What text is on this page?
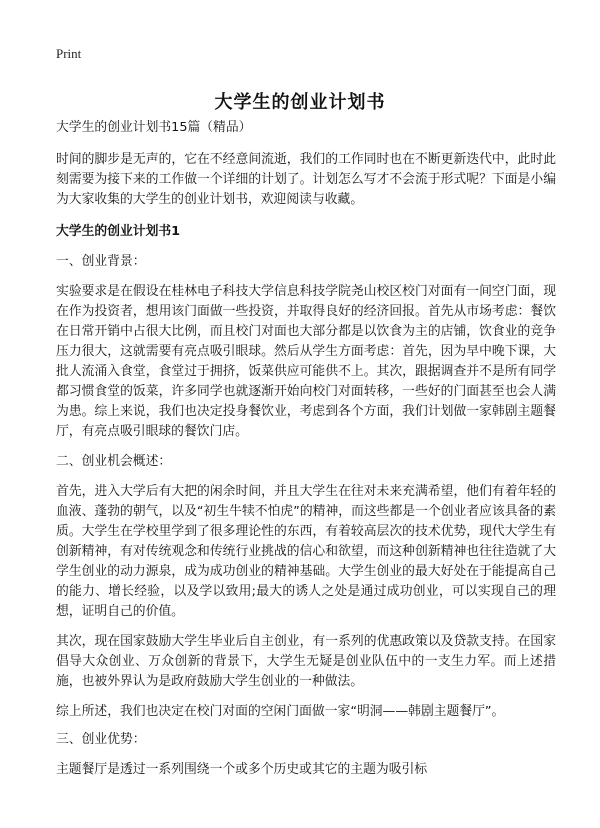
Print
大学生的创业计划书

大学生的创业计划书15篇（精品）

时间的脚步是无声的，它在不经意间流逝，我们的工作同时也在不断更新迭代中，此时此刻需要为接下来的工作做一个详细的计划了。计划怎么写才不会流于形式呢？下面是小编为大家收集的大学生的创业计划书，欢迎阅读与收藏。

大学生的创业计划书1

一、创业背景：

实验要求是在假设在桂林电子科技大学信息科技学院尧山校区校门对面有一间空门面，现在作为投资者，想用该门面做一些投资，并取得良好的经济回报。首先从市场考虑：餐饮在日常开销中占很大比例，而且校门对面也大部分都是以饮食为主的店铺，饮食业的竞争压力很大，这就需要有亮点吸引眼球。然后从学生方面考虑：首先，因为早中晚下课，大批人流涌入食堂，食堂过于拥挤，饭菜供应可能供不上。其次，跟据调查并不是所有同学都习惯食堂的饭菜，许多同学也就逐渐开始向校门对面转移，一些好的门面甚至也会人满为患。综上来说，我们也决定投身餐饮业，考虑到各个方面，我们计划做一家韩剧主题餐厅，有亮点吸引眼球的餐饮门店。

二、创业机会概述：

首先，进入大学后有大把的闲余时间，并且大学生在往对未来充满希望，他们有着年轻的血液、蓬勃的朝气，以及“初生牛犊不怕虎”的精神，而这些都是一个创业者应该具备的素质。大学生在学校里学到了很多理论性的东西，有着较高层次的技术优势，现代大学生有创新精神，有对传统观念和传统行业挑战的信心和欲望，而这种创新精神也往往造就了大学生创业的动力源泉，成为成功创业的精神基础。大学生创业的最大好处在于能提高自己的能力、增长经验，以及学以致用;最大的诱人之处是通过成功创业，可以实现自己的理想，证明自己的价值。

其次，现在国家鼓励大学生毕业后自主创业，有一系列的优惠政策以及贷款支持。在国家倡导大众创业、万众创新的背景下，大学生无疑是创业队伍中的一支生力军。而上述措施，也被外界认为是政府鼓励大学生创业的一种做法。

综上所述，我们也决定在校门对面的空闲门面做一家“明洞——韩剧主题餐厅”。

三、创业优势：

主题餐厅是透过一系列围绕一个或多个历史或其它的主题为吸引标
